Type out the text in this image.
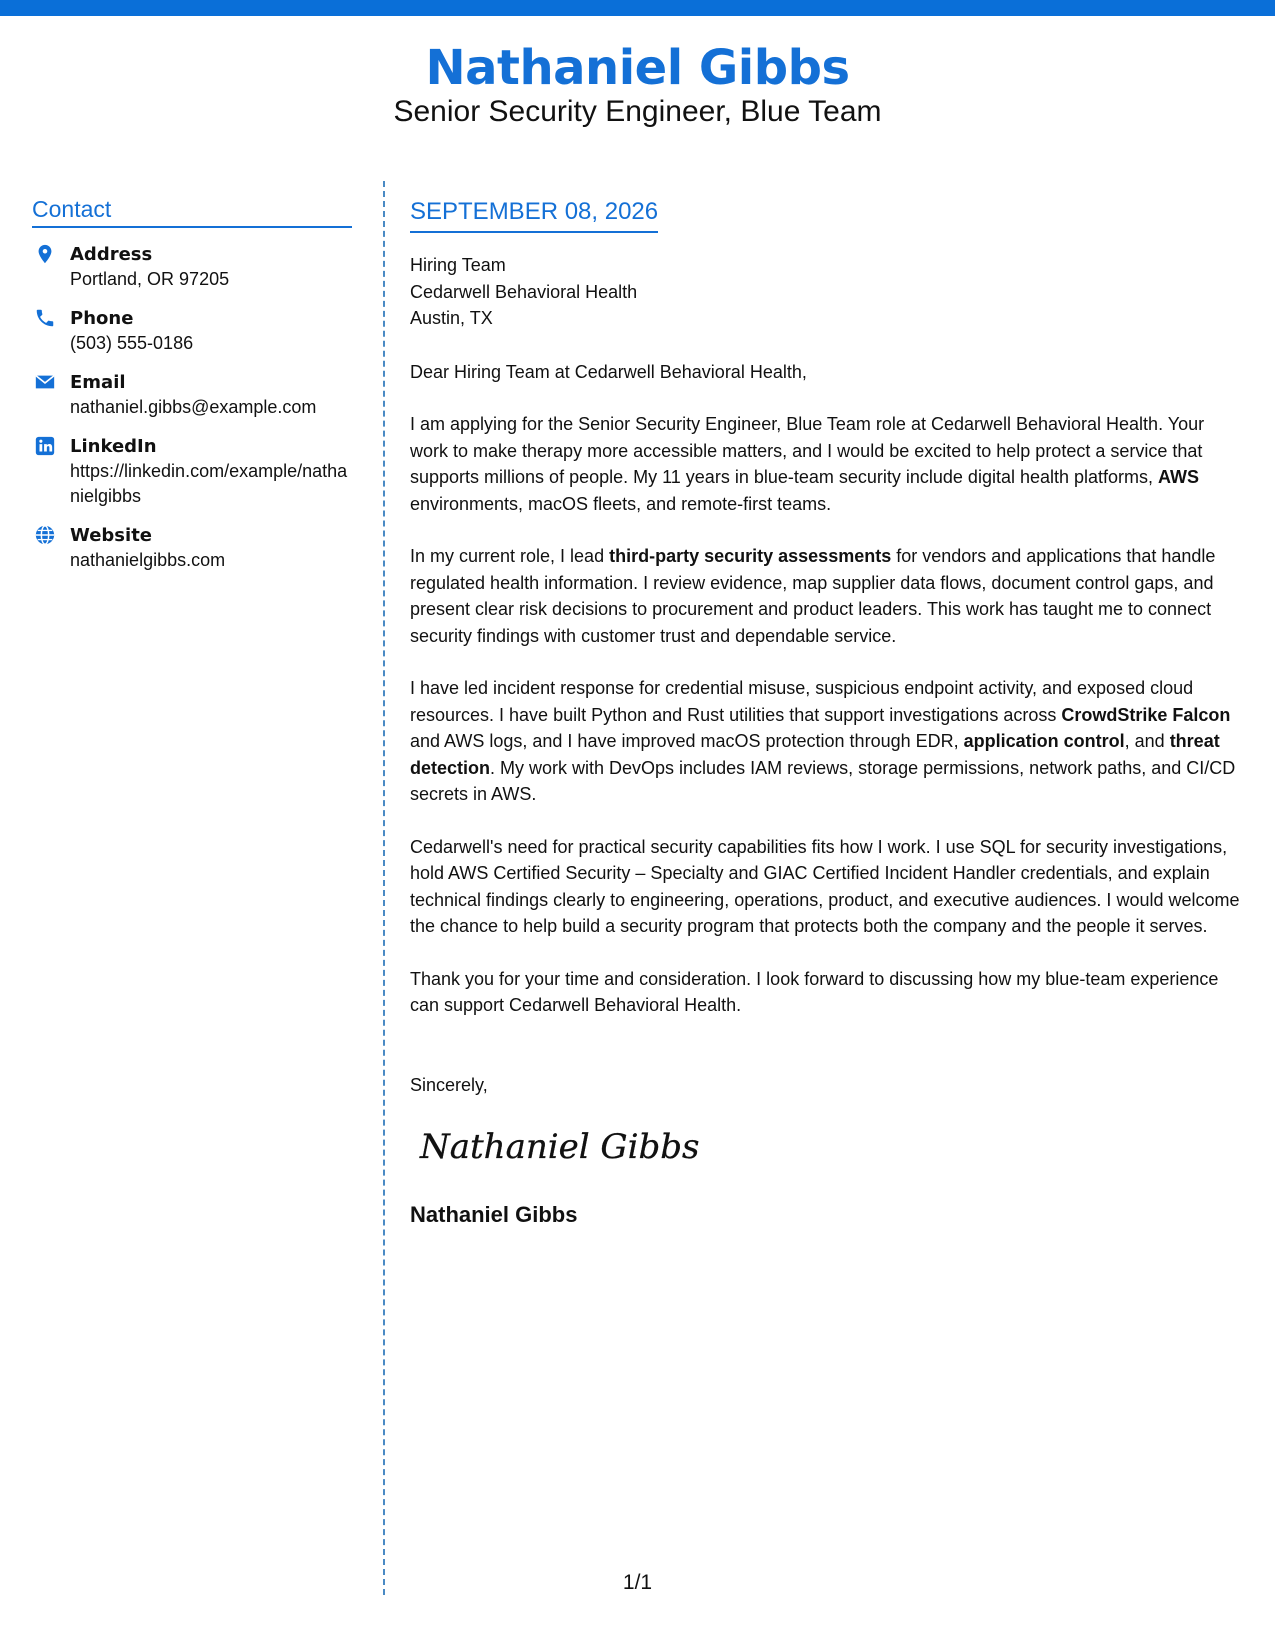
Nathaniel Gibbs
Senior Security Engineer, Blue Team
Contact
Address
Portland, OR 97205
Phone
(503) 555-0186
Email
nathaniel.gibbs@example.com
LinkedIn
https://linkedin.com/example/nathanielgibbs
Website
nathanielgibbs.com
SEPTEMBER 08, 2026
Hiring Team
Cedarwell Behavioral Health
Austin, TX
Dear Hiring Team at Cedarwell Behavioral Health,
I am applying for the Senior Security Engineer, Blue Team role at Cedarwell Behavioral Health. Your work to make therapy more accessible matters, and I would be excited to help protect a service that supports millions of people. My 11 years in blue-team security include digital health platforms, AWS environments, macOS fleets, and remote-first teams.
In my current role, I lead third-party security assessments for vendors and applications that handle regulated health information. I review evidence, map supplier data flows, document control gaps, and present clear risk decisions to procurement and product leaders. This work has taught me to connect security findings with customer trust and dependable service.
I have led incident response for credential misuse, suspicious endpoint activity, and exposed cloud resources. I have built Python and Rust utilities that support investigations across CrowdStrike Falcon and AWS logs, and I have improved macOS protection through EDR, application control, and threat detection. My work with DevOps includes IAM reviews, storage permissions, network paths, and CI/CD secrets in AWS.
Cedarwell's need for practical security capabilities fits how I work. I use SQL for security investigations, hold AWS Certified Security – Specialty and GIAC Certified Incident Handler credentials, and explain technical findings clearly to engineering, operations, product, and executive audiences. I would welcome the chance to help build a security program that protects both the company and the people it serves.
Thank you for your time and consideration. I look forward to discussing how my blue-team experience can support Cedarwell Behavioral Health.
Sincerely,
Nathaniel Gibbs
Nathaniel Gibbs
1/1
